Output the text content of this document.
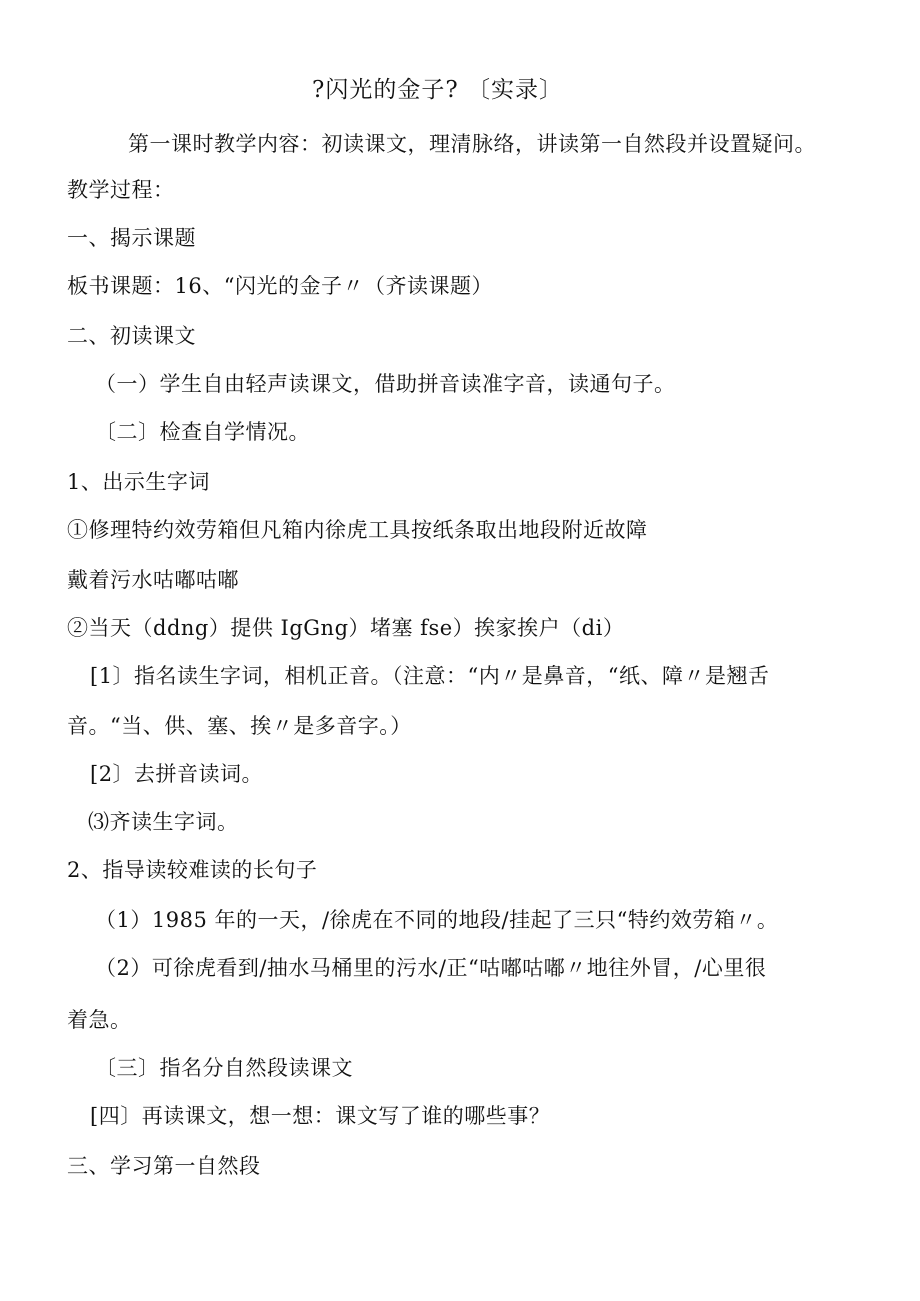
?闪光的金子? 〔实录〕
第一课时教学内容：初读课文，理清脉络，讲读第一自然段并设置疑问。
教学过程：
一、揭示课题
板书课题：16、“闪光的金子〃（齐读课题）
二、初读课文
（一）学生自由轻声读课文，借助拼音读准字音，读通句子。
〔二〕检查自学情况。
1、出示生字词
①修理特约效劳箱但凡箱内徐虎工具按纸条取出地段附近故障
戴着污水咕嘟咕嘟
②当天（ddng）提供 IgGng）堵塞 fse）挨家挨户（di）
[1〕指名读生字词，相机正音。（注意：“内〃是鼻音，“纸、障〃是翘舌
音。“当、供、塞、挨〃是多音字。）
[2〕去拼音读词。
⑶齐读生字词。
2、指导读较难读的长句子
（1）1985 年的一天，/徐虎在不同的地段/挂起了三只“特约效劳箱〃。
（2）可徐虎看到/抽水马桶里的污水/正“咕嘟咕嘟〃地往外冒，/心里很
着急。
〔三〕指名分自然段读课文
[四〕再读课文，想一想：课文写了谁的哪些事？
三、学习第一自然段
